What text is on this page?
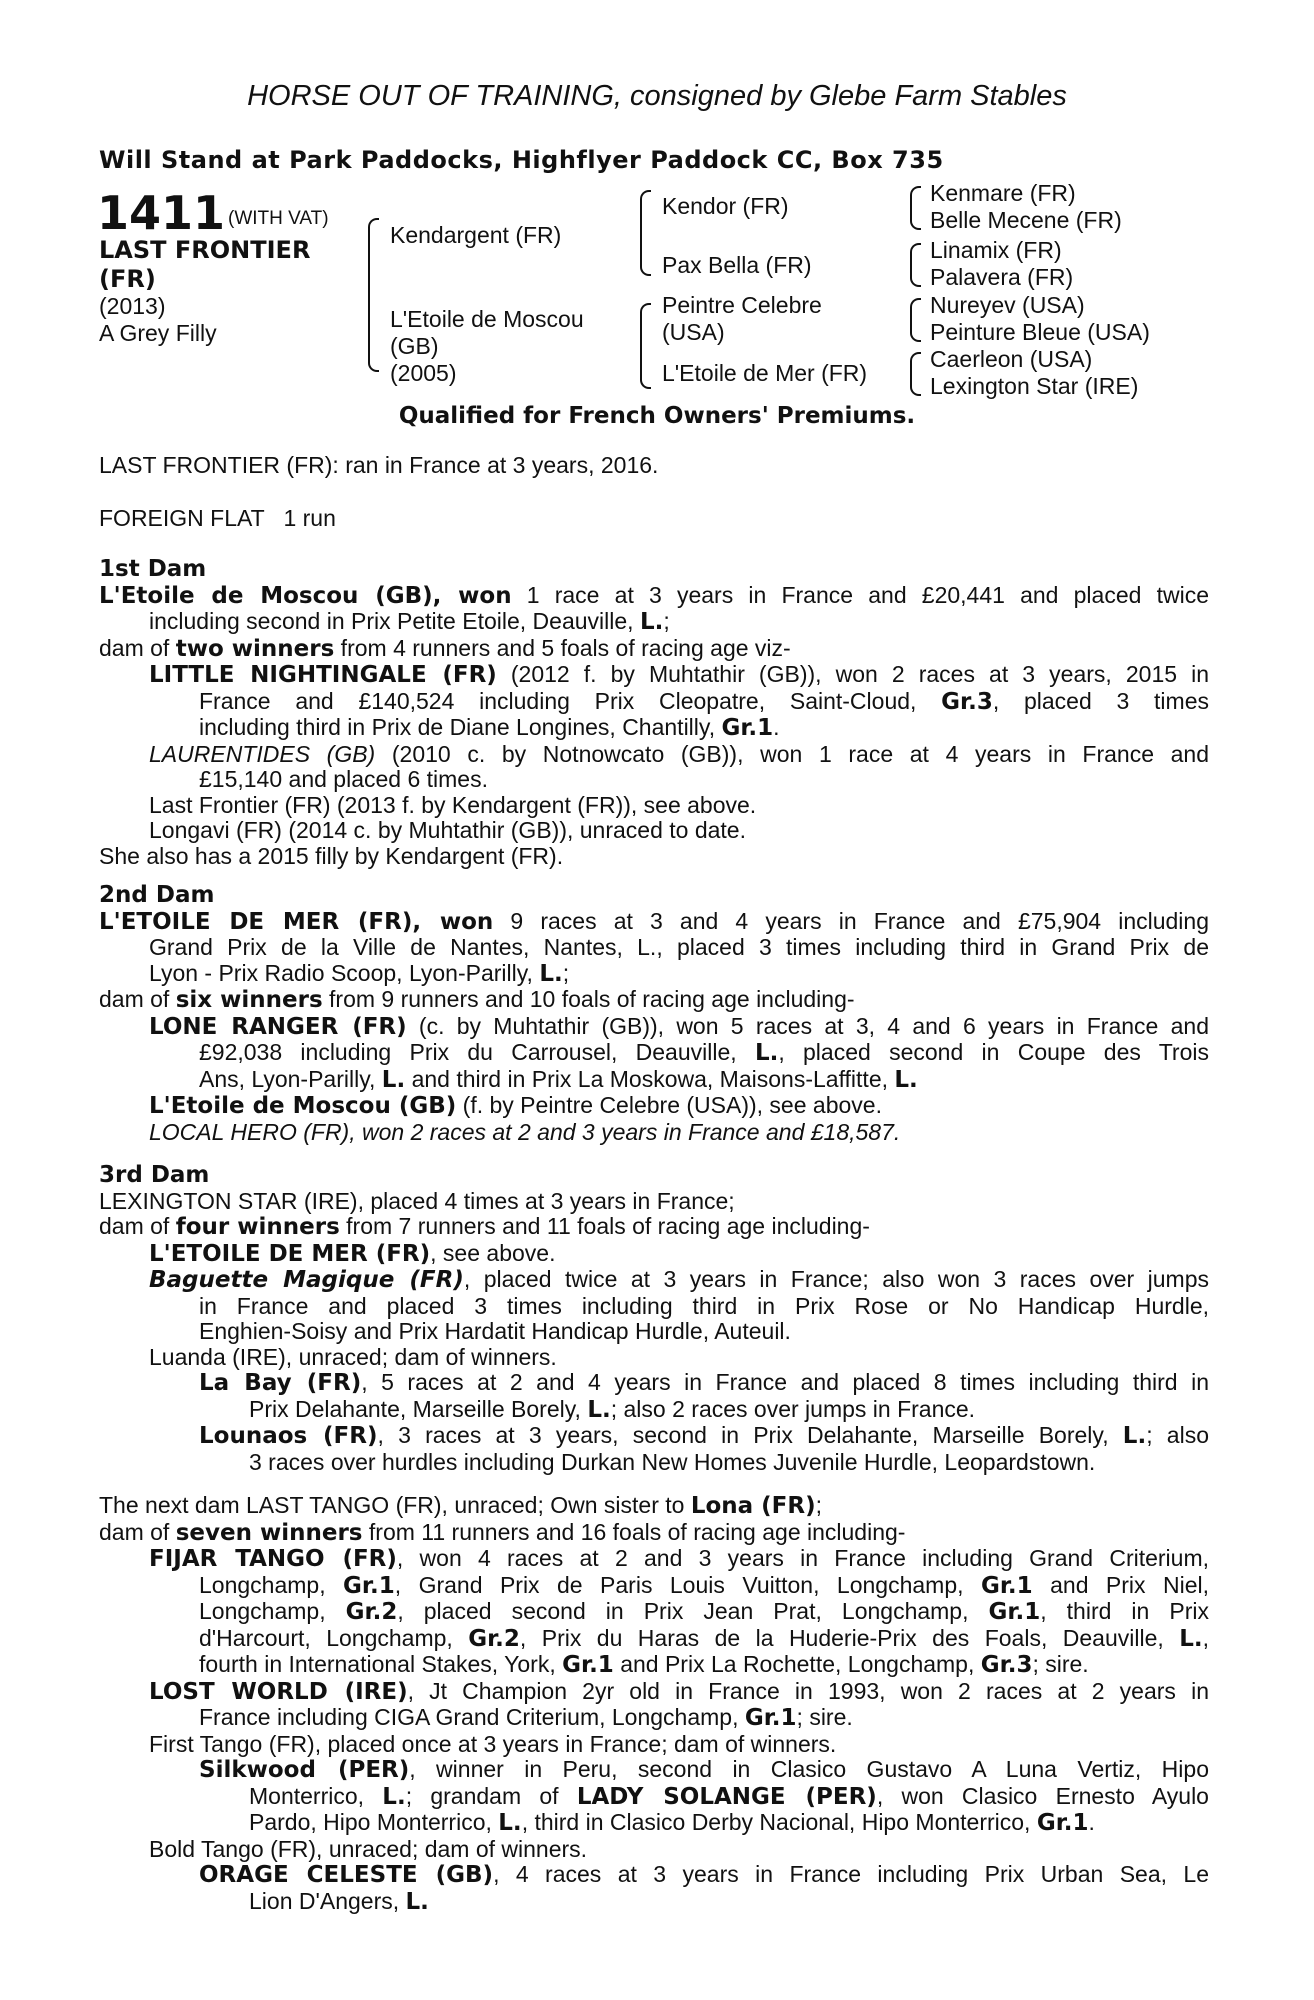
HORSE OUT OF TRAINING, consigned by Glebe Farm Stables
Will Stand at Park Paddocks, Highflyer Paddock CC, Box 735
1411 (WITH VAT)
LAST FRONTIER
(FR)
(2013)
A Grey Filly
Kendargent (FR)
L'Etoile de Moscou
(GB)
(2005)
Kendor (FR)
Pax Bella (FR)
Peintre Celebre
(USA)
L'Etoile de Mer (FR)
Kenmare (FR)
Belle Mecene (FR)
Linamix (FR)
Palavera (FR)
Nureyev (USA)
Peinture Bleue (USA)
Caerleon (USA)
Lexington Star (IRE)
Qualified for French Owners' Premiums.
LAST FRONTIER (FR): ran in France at 3 years, 2016.
FOREIGN FLAT   1 run
1st Dam
L'Etoile de Moscou (GB), won 1 race at 3 years in France and £20,441 and placed twice
including second in Prix Petite Etoile, Deauville, L.;
dam of two winners from 4 runners and 5 foals of racing age viz-
LITTLE NIGHTINGALE (FR) (2012 f. by Muhtathir (GB)), won 2 races at 3 years, 2015 in
France and £140,524 including Prix Cleopatre, Saint-Cloud, Gr.3, placed 3 times
including third in Prix de Diane Longines, Chantilly, Gr.1.
LAURENTIDES (GB) (2010 c. by Notnowcato (GB)), won 1 race at 4 years in France and
£15,140 and placed 6 times.
Last Frontier (FR) (2013 f. by Kendargent (FR)), see above.
Longavi (FR) (2014 c. by Muhtathir (GB)), unraced to date.
She also has a 2015 filly by Kendargent (FR).
2nd Dam
L'ETOILE DE MER (FR), won 9 races at 3 and 4 years in France and £75,904 including
Grand Prix de la Ville de Nantes, Nantes, L., placed 3 times including third in Grand Prix de
Lyon - Prix Radio Scoop, Lyon-Parilly, L.;
dam of six winners from 9 runners and 10 foals of racing age including-
LONE RANGER (FR) (c. by Muhtathir (GB)), won 5 races at 3, 4 and 6 years in France and
£92,038 including Prix du Carrousel, Deauville, L., placed second in Coupe des Trois
Ans, Lyon-Parilly, L. and third in Prix La Moskowa, Maisons-Laffitte, L.
L'Etoile de Moscou (GB) (f. by Peintre Celebre (USA)), see above.
LOCAL HERO (FR), won 2 races at 2 and 3 years in France and £18,587.
3rd Dam
LEXINGTON STAR (IRE), placed 4 times at 3 years in France;
dam of four winners from 7 runners and 11 foals of racing age including-
L'ETOILE DE MER (FR), see above.
Baguette Magique (FR), placed twice at 3 years in France; also won 3 races over jumps
in France and placed 3 times including third in Prix Rose or No Handicap Hurdle,
Enghien-Soisy and Prix Hardatit Handicap Hurdle, Auteuil.
Luanda (IRE), unraced; dam of winners.
La Bay (FR), 5 races at 2 and 4 years in France and placed 8 times including third in
Prix Delahante, Marseille Borely, L.; also 2 races over jumps in France.
Lounaos (FR), 3 races at 3 years, second in Prix Delahante, Marseille Borely, L.; also
3 races over hurdles including Durkan New Homes Juvenile Hurdle, Leopardstown.
The next dam LAST TANGO (FR), unraced; Own sister to Lona (FR);
dam of seven winners from 11 runners and 16 foals of racing age including-
FIJAR TANGO (FR), won 4 races at 2 and 3 years in France including Grand Criterium,
Longchamp, Gr.1, Grand Prix de Paris Louis Vuitton, Longchamp, Gr.1 and Prix Niel,
Longchamp, Gr.2, placed second in Prix Jean Prat, Longchamp, Gr.1, third in Prix
d'Harcourt, Longchamp, Gr.2, Prix du Haras de la Huderie-Prix des Foals, Deauville, L.,
fourth in International Stakes, York, Gr.1 and Prix La Rochette, Longchamp, Gr.3; sire.
LOST WORLD (IRE), Jt Champion 2yr old in France in 1993, won 2 races at 2 years in
France including CIGA Grand Criterium, Longchamp, Gr.1; sire.
First Tango (FR), placed once at 3 years in France; dam of winners.
Silkwood (PER), winner in Peru, second in Clasico Gustavo A Luna Vertiz, Hipo
Monterrico, L.; grandam of LADY SOLANGE (PER), won Clasico Ernesto Ayulo
Pardo, Hipo Monterrico, L., third in Clasico Derby Nacional, Hipo Monterrico, Gr.1.
Bold Tango (FR), unraced; dam of winners.
ORAGE CELESTE (GB), 4 races at 3 years in France including Prix Urban Sea, Le
Lion D'Angers, L.
